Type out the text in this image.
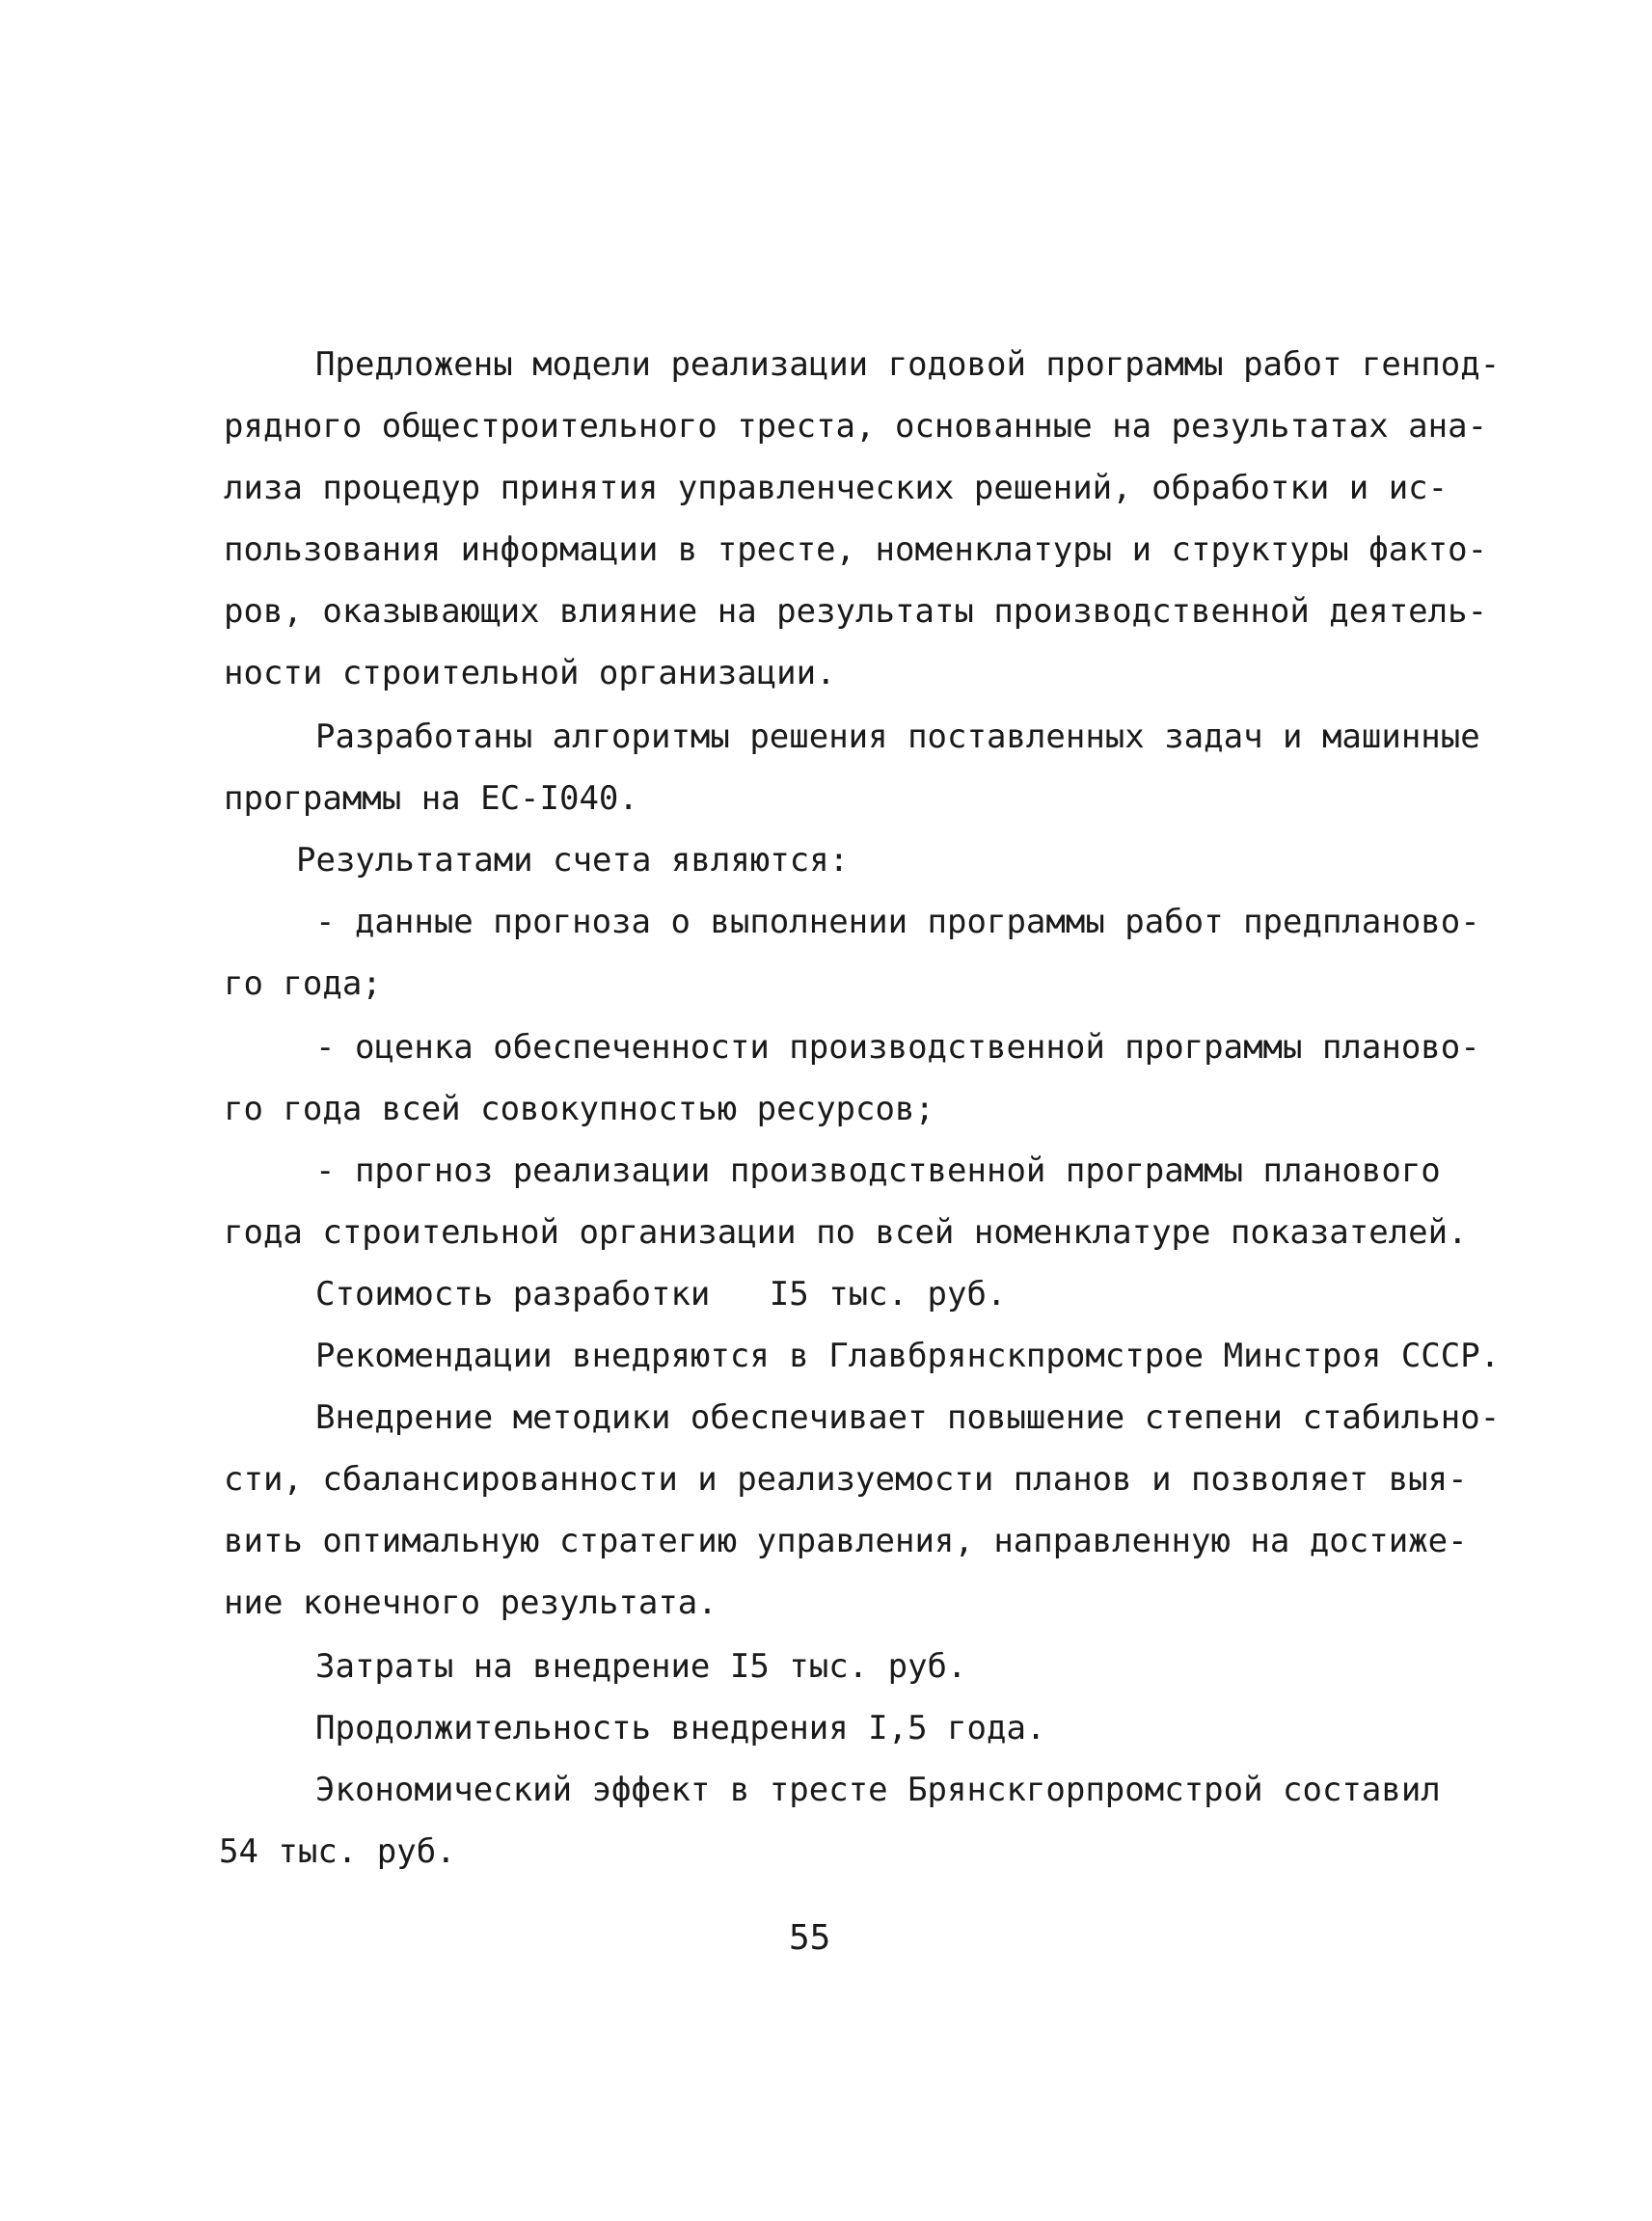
Предложены модели реализации годовой программы работ генпод-
рядного общестроительного треста, основанные на результатах ана-
лиза процедур принятия управленческих решений, обработки и ис-
пользования информации в тресте, номенклатуры и структуры факто-
ров, оказывающих влияние на результаты производственной деятель-
ности строительной организации.
Разработаны алгоритмы решения поставленных задач и машинные
программы на ЕС-I040.
Результатами счета являются:
- данные прогноза о выполнении программы работ предпланово-
го года;
- оценка обеспеченности производственной программы планово-
го года всей совокупностью ресурсов;
- прогноз реализации производственной программы планового
года строительной организации по всей номенклатуре показателей.
Стоимость разработки   I5 тыс. руб.
Рекомендации внедряются в Главбрянскпромстрое Минстроя СССР.
Внедрение методики обеспечивает повышение степени стабильно-
сти, сбалансированности и реализуемости планов и позволяет выя-
вить оптимальную стратегию управления, направленную на достиже-
ние конечного результата.
Затраты на внедрение I5 тыс. руб.
Продолжительность внедрения I,5 года.
Экономический эффект в тресте Брянскгорпромстрой составил
54 тыс. руб.
55
